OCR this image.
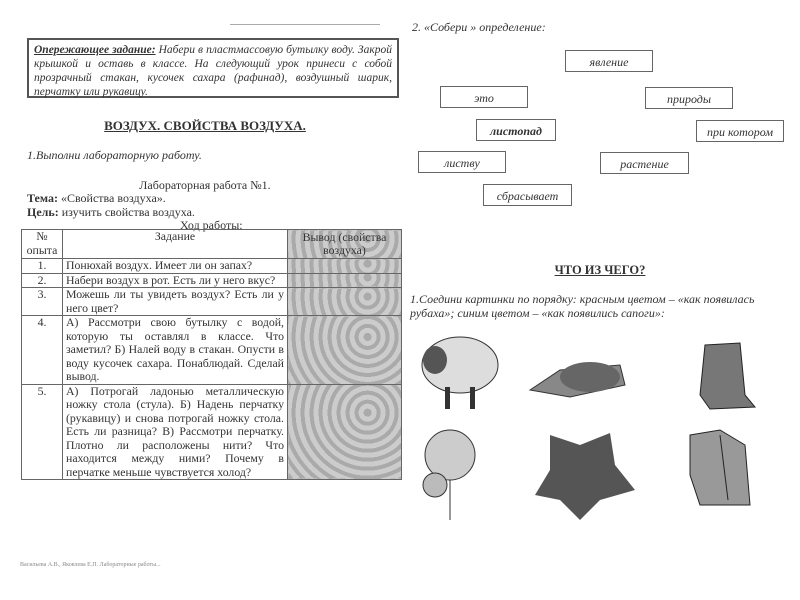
Опережающее задание: Набери в пластмассовую бутылку воду. Закрой крышкой и оставь в классе. На следующий урок принеси с собой прозрачный стакан, кусочек сахара (рафинад), воздушный шарик, перчатку или рукавицу.
ВОЗДУХ. СВОЙСТВА ВОЗДУХА.
1.Выполни лабораторную работу.
Лабораторная работа №1.
Тема: «Свойства воздуха».
Цель: изучить свойства воздуха.
Ход работы:
№ опыта	Задание	Вывод (свойства воздуха)
1.	Понюхай воздух. Имеет ли он запах?	
2.	Набери воздух в рот. Есть ли у него вкус?	
3.	Можешь ли ты увидеть воздух? Есть ли у него цвет?	
4.	А) Рассмотри свою бутылку с водой, которую ты оставлял в классе. Что заметил? Б) Налей воду в стакан. Опусти в воду кусочек сахара. Понаблюдай. Сделай вывод.	
5.	А) Потрогай ладонью металлическую ножку стола (стула). Б) Надень перчатку (рукавицу) и снова потрогай ножку стола. Есть ли разница? В) Рассмотри перчатку. Плотно ли расположены нити? Что находится между ними? Почему в перчатке меньше чувствуется холод?	
Васильева А.В., Яковлева Е.П. Лабораторные работы...
2. «Собери » определение:
явление
это	природы
листопад	при котором
листву	растение
сбрасывает
ЧТО ИЗ ЧЕГО?
1.Соедини картинки по порядку: красным цветом – «как появилась рубаха»; синим цветом – «как появились сапоги»:
